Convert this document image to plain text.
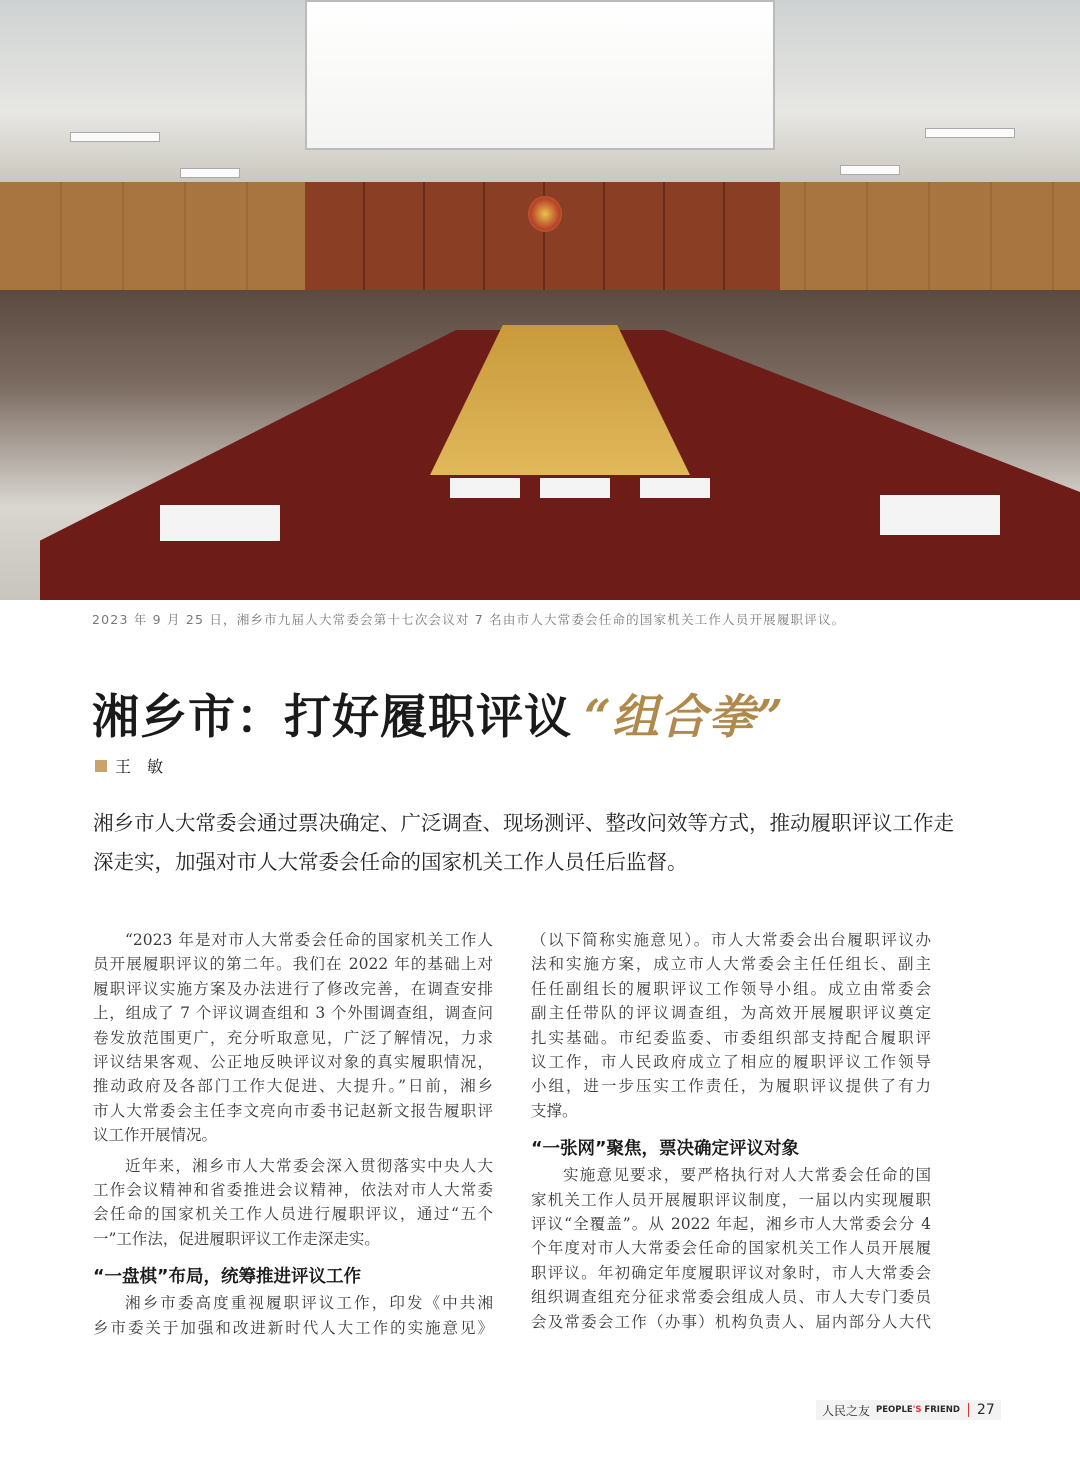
2023 年 9 月 25 日，湘乡市九届人大常委会第十七次会议对 7 名由市人大常委会任命的国家机关工作人员开展履职评议。
湘乡市：打好履职评议 “组合拳”
王　敏
湘乡市人大常委会通过票决确定、广泛调查、现场测评、整改问效等方式，推动履职评议工作走
深走实，加强对市人大常委会任命的国家机关工作人员任后监督。
“2023 年是对市人大常委会任命的国家机关工作人
员开展履职评议的第二年。我们在 2022 年的基础上对
履职评议实施方案及办法进行了修改完善，在调查安排
上，组成了 7 个评议调查组和 3 个外围调查组，调查问
卷发放范围更广，充分听取意见，广泛了解情况，力求
评议结果客观、公正地反映评议对象的真实履职情况，
推动政府及各部门工作大促进、大提升。”日前，湘乡
市人大常委会主任李文亮向市委书记赵新文报告履职评
议工作开展情况。
近年来，湘乡市人大常委会深入贯彻落实中央人大
工作会议精神和省委推进会议精神，依法对市人大常委
会任命的国家机关工作人员进行履职评议，通过“五个
一”工作法，促进履职评议工作走深走实。
“一盘棋”布局，统筹推进评议工作
湘乡市委高度重视履职评议工作，印发《中共湘
乡市委关于加强和改进新时代人大工作的实施意见》
（以下简称实施意见）。市人大常委会出台履职评议办
法和实施方案，成立市人大常委会主任任组长、副主
任任副组长的履职评议工作领导小组。成立由常委会
副主任带队的评议调查组，为高效开展履职评议奠定
扎实基础。市纪委监委、市委组织部支持配合履职评
议工作，市人民政府成立了相应的履职评议工作领导
小组，进一步压实工作责任，为履职评议提供了有力
支撑。
“一张网”聚焦，票决确定评议对象
实施意见要求，要严格执行对人大常委会任命的国
家机关工作人员开展履职评议制度，一届以内实现履职
评议“全覆盖”。从 2022 年起，湘乡市人大常委会分 4
个年度对市人大常委会任命的国家机关工作人员开展履
职评议。年初确定年度履职评议对象时，市人大常委会
组织调查组充分征求常委会组成人员、市人大专门委员
会及常委会工作（办事）机构负责人、届内部分人大代
人民之友 PEOPLE'S FRIEND 27
